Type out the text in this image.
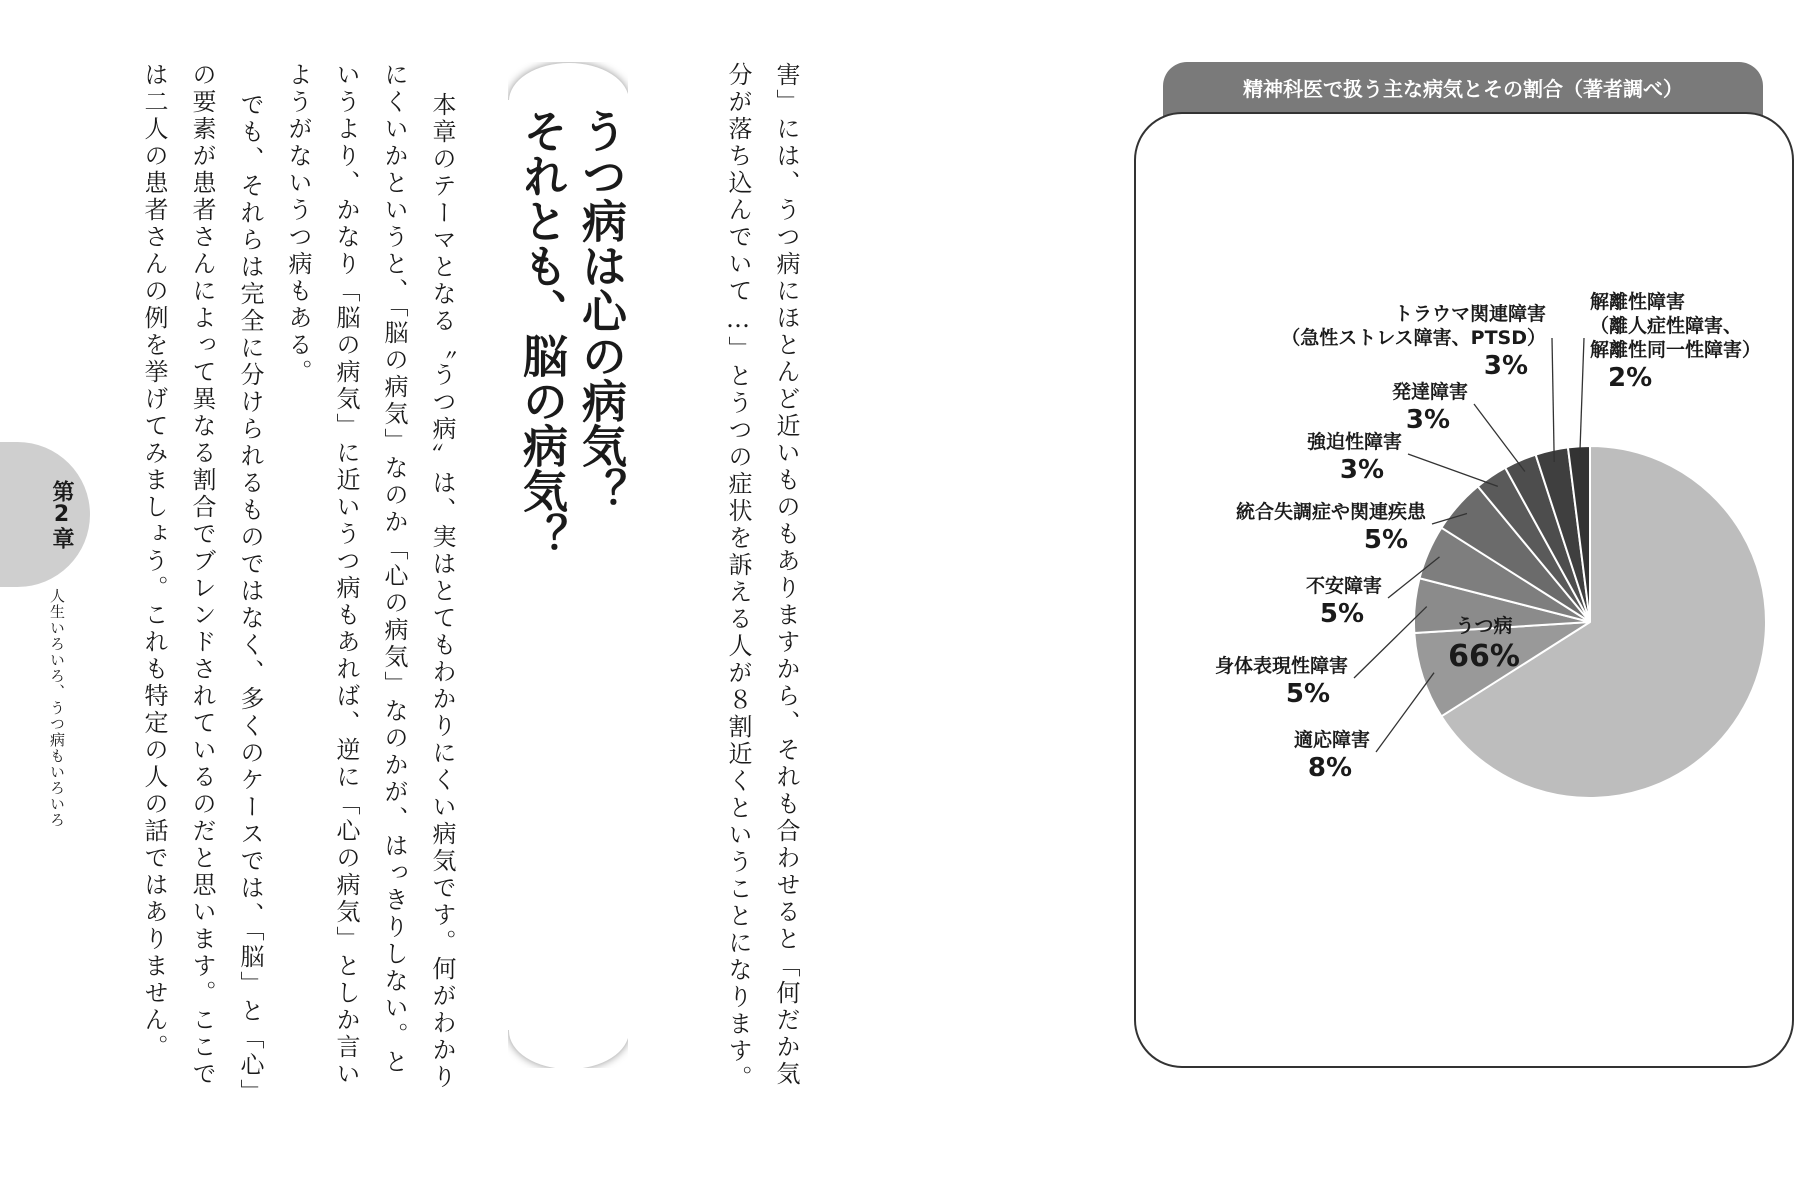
害」には、うつ病にほとんど近いものもありますから、それも合わせると「何だか気
分が落ち込んでいて…」とうつの症状を訴える人が８割近くということになります。
うつ病は心の病気？
それとも、脳の病気？
本章のテーマとなる〝うつ病〟は、実はとてもわかりにくい病気です。何がわかり
にくいかというと、「脳の病気」なのか「心の病気」なのかが、はっきりしない。と
いうより、かなり「脳の病気」に近いうつ病もあれば、逆に「心の病気」としか言い
ようがないうつ病もある。
でも、それらは完全に分けられるものではなく、多くのケースでは、「脳」と「心」
の要素が患者さんによって異なる割合でブレンドされているのだと思います。ここで
は二人の患者さんの例を挙げてみましょう。これも特定の人の話ではありません。
第2章
人生いろいろ、うつ病もいろいろ
精神科医で扱う主な病気とその割合（著者調べ）
うつ病
66%
適応障害
8%
身体表現性障害
5%
不安障害
5%
統合失調症や関連疾患
5%
強迫性障害
3%
発達障害
3%
トラウマ関連障害
（急性ストレス障害、PTSD）
3%
解離性障害
（離人症性障害、
解離性同一性障害）
2%
